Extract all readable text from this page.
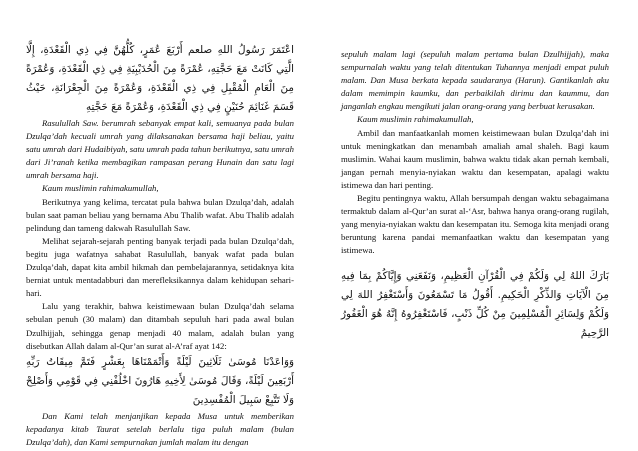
اعْتَمَرَ رَسُولُ اللهِ صلعم أَرْبَعَ عُمَرٍ، كُلُّهُنَّ فِي ذِي الْقَعْدَةِ، إِلَّا الَّتِي كَانَتْ مَعَ حَجَّتِهِ، عُمْرَةً مِنَ الْحُدَيْبِيَةِ فِي ذِي الْقَعْدَةِ، وَعُمْرَةً مِنَ الْعَامِ الْمُقْبِلِ فِي ذِي الْقَعْدَةِ، وَعُمْرَةً مِنَ الْجِعْرَانَةِ، حَيْثُ قَسَمَ غَنَائِمَ حُنَيْنٍ فِي ذِي الْقَعْدَةِ، وَعُمْرَةً مَعَ حَجَّتِهِ

Rasulullah Saw. berumrah sebanyak empat kali, semuanya pada bulan Dzulqa’dah kecuali umrah yang dilaksanakan bersama haji beliau, yaitu satu umrah dari Hudaibiyah, satu umrah pada tahun berikutnya, satu umrah dari Ji’ranah ketika membagikan rampasan perang Hunain dan satu lagi umrah bersama haji.

Kaum muslimin rahimakumullah,

Berikutnya yang kelima, tercatat pula bahwa bulan Dzulqa’dah, adalah bulan saat paman beliau yang bernama Abu Thalib wafat. Abu Thalib adalah pelindung dan tameng dakwah Rasulullah Saw.

Melihat sejarah-sejarah penting banyak terjadi pada bulan Dzulqa’dah, begitu juga wafatnya sahabat Rasulullah, banyak wafat pada bulan Dzulqa’dah, dapat kita ambil hikmah dan pembelajarannya, setidaknya kita berniat untuk mentadabburi dan merefleksikannya dalam kehidupan sehari-hari.

Lalu yang terakhir, bahwa keistimewaan bulan Dzulqa’dah selama sebulan penuh (30 malam) dan ditambah sepuluh hari pada awal bulan Dzulhijjah, sehingga genap menjadi 40 malam, adalah bulan yang disebutkan Allah dalam al-Qur’an surat al-A’raf ayat 142:

وَوَاعَدْنَا مُوسَىٰ ثَلَاثِينَ لَيْلَةً وَأَتْمَمْنَاهَا بِعَشْرٍ فَتَمَّ مِيقَاتُ رَبِّهِ أَرْبَعِينَ لَيْلَةً، وَقَالَ مُوسَىٰ لِأَخِيهِ هَارُونَ اخْلُفْنِي فِي قَوْمِي وَأَصْلِحْ وَلَا تَتَّبِعْ سَبِيلَ الْمُفْسِدِينَ

Dan Kami telah menjanjikan kepada Musa untuk memberikan kepadanya kitab Taurat setelah berlalu tiga puluh malam (bulan Dzulqa’dah), dan Kami sempurnakan jumlah malam itu dengan

sepuluh malam lagi (sepuluh malam pertama bulan Dzulhijjah), maka sempurnalah waktu yang telah ditentukan Tuhannya menjadi empat puluh malam. Dan Musa berkata kepada saudaranya (Harun). Gantikanlah aku dalam memimpin kaumku, dan perbaikilah dirimu dan kaummu, dan janganlah engkau mengikuti jalan orang-orang yang berbuat kerusakan.

Kaum muslimin rahimakumullah,

Ambil dan manfaatkanlah momen keistimewaan bulan Dzulqa’dah ini untuk meningkatkan dan menambah amaliah amal shaleh. Bagi kaum muslimin. Wahai kaum muslimin, bahwa waktu tidak akan pernah kembali, jangan pernah menyia-nyiakan waktu dan kesempatan, apalagi waktu istimewa dan hari penting.

Begitu pentingnya waktu, Allah bersumpah dengan waktu sebagaimana termaktub dalam al-Qur’an surat al-‘Asr, bahwa hanya orang-orang rugilah, yang menyia-nyiakan waktu dan kesempatan itu. Semoga kita menjadi orang beruntung karena pandai memanfaatkan waktu dan kesempatan yang istimewa.

بَارَكَ اللهُ لِي وَلَكُمْ فِي الْقُرْآنِ الْعَظِيمِ، وَنَفَعَنِي وَإِيَّاكُمْ بِمَا فِيهِ مِنَ الْآيَاتِ وَالذِّكْرِ الْحَكِيمِ. أَقُولُ مَا تَسْمَعُونَ وَأَسْتَغْفِرُ اللهَ لِي وَلَكُمْ وَلِسَائِرِ الْمُسْلِمِينَ مِنْ كُلِّ ذَنْبٍ، فَاسْتَغْفِرُوهُ إِنَّهُ هُوَ الْغَفُورُ الرَّحِيمُ
